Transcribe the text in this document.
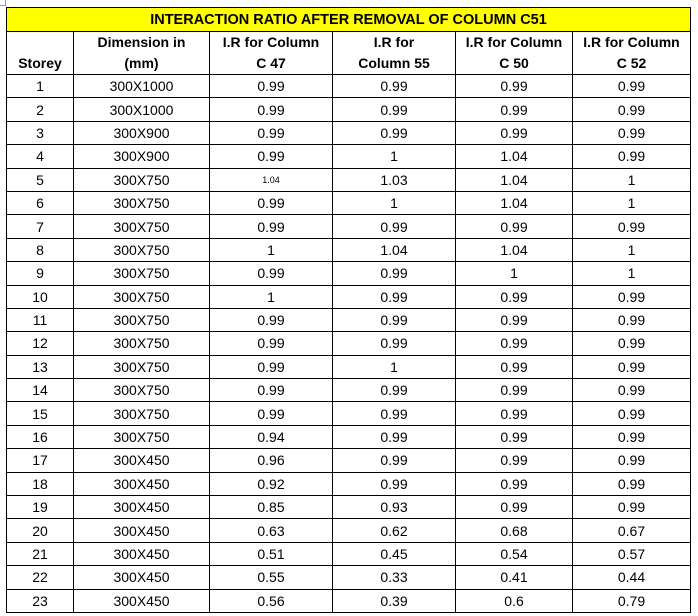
INTERACTION RATIO AFTER REMOVAL OF COLUMN C51					
	Dimension in	I.R for Column	I.R for	I.R for Column	I.R for Column
Storey	(mm)	C 47	Column 55	C 50	C 52
1	300X1000	0.99	0.99	0.99	0.99
2	300X1000	0.99	0.99	0.99	0.99
3	300X900	0.99	0.99	0.99	0.99
4	300X900	0.99	1	1.04	0.99
5	300X750	1.04	1.03	1.04	1
6	300X750	0.99	1	1.04	1
7	300X750	0.99	0.99	0.99	0.99
8	300X750	1	1.04	1.04	1
9	300X750	0.99	0.99	1	1
10	300X750	1	0.99	0.99	0.99
11	300X750	0.99	0.99	0.99	0.99
12	300X750	0.99	0.99	0.99	0.99
13	300X750	0.99	1	0.99	0.99
14	300X750	0.99	0.99	0.99	0.99
15	300X750	0.99	0.99	0.99	0.99
16	300X750	0.94	0.99	0.99	0.99
17	300X450	0.96	0.99	0.99	0.99
18	300X450	0.92	0.99	0.99	0.99
19	300X450	0.85	0.93	0.99	0.99
20	300X450	0.63	0.62	0.68	0.67
21	300X450	0.51	0.45	0.54	0.57
22	300X450	0.55	0.33	0.41	0.44
23	300X450	0.56	0.39	0.6	0.79
